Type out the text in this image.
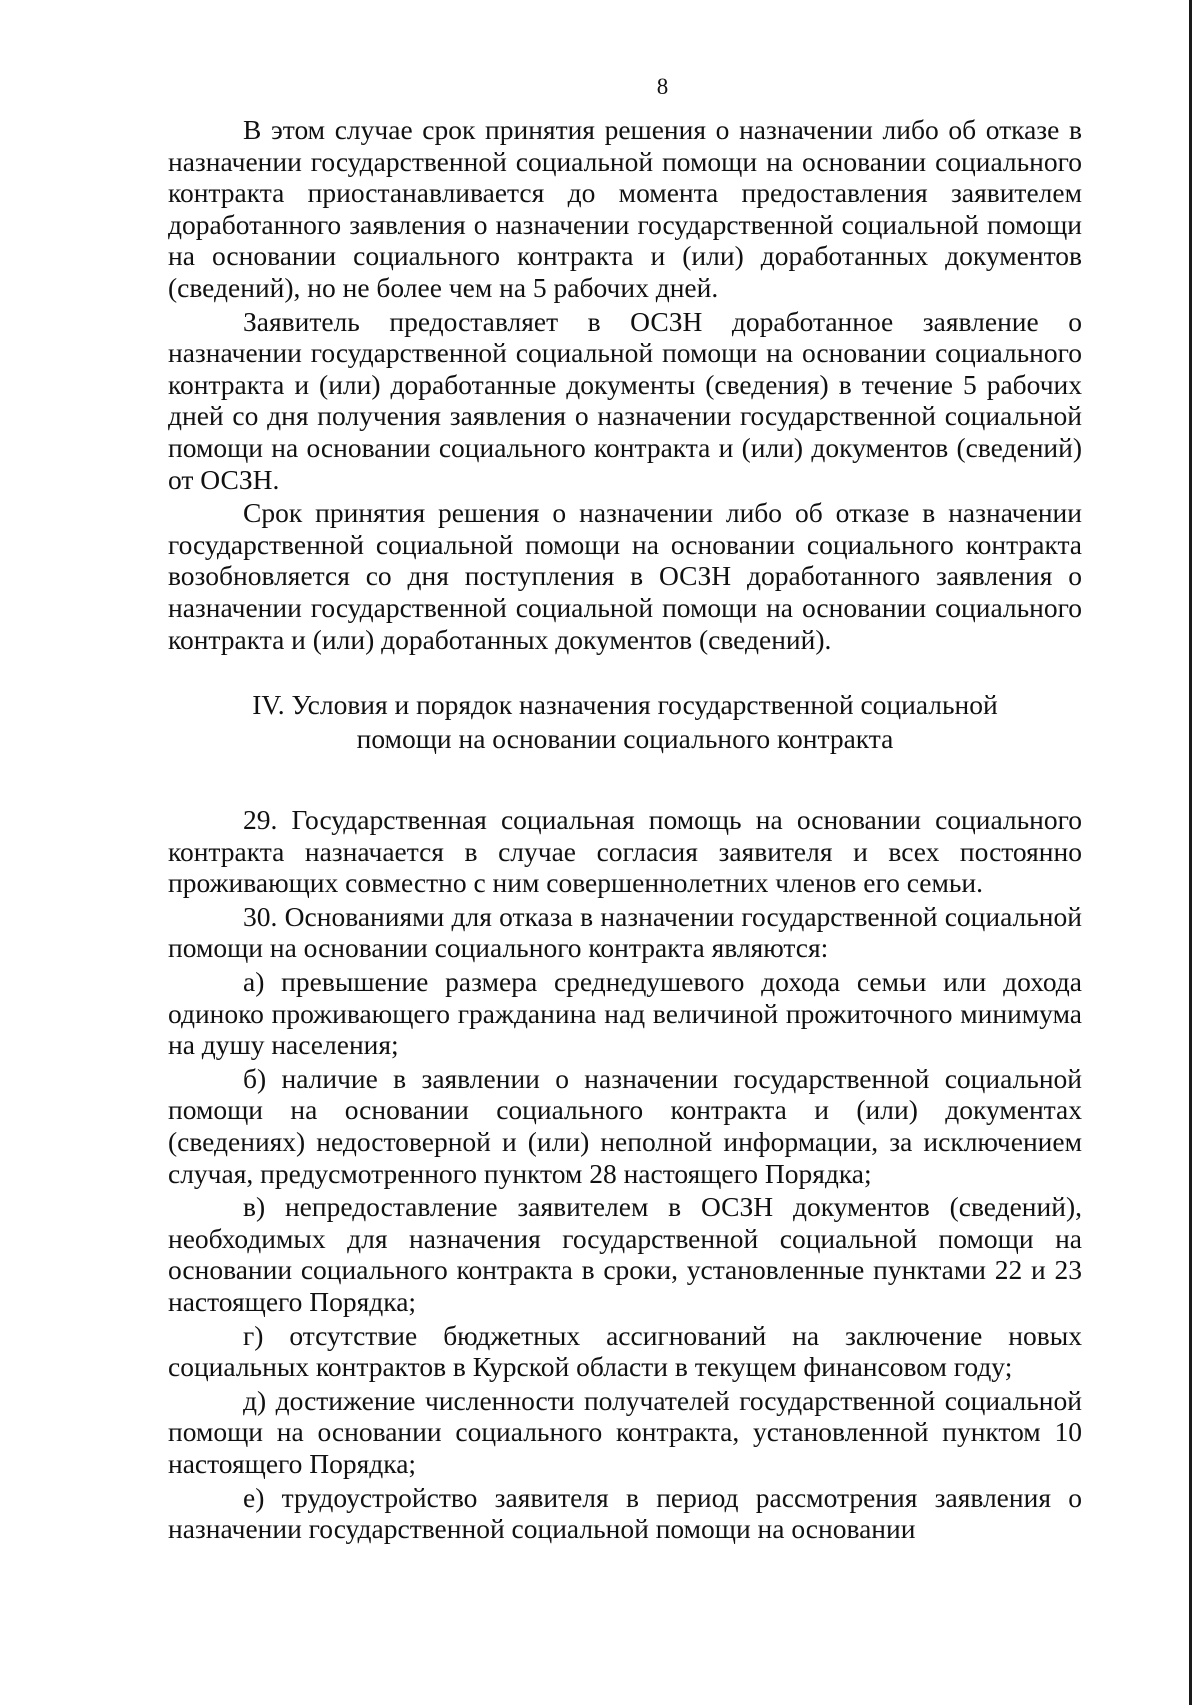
8

В этом случае срок принятия решения о назначении либо об отказе в назначении государственной социальной помощи на основании социального контракта приостанавливается до момента предоставления заявителем доработанного заявления о назначении государственной социальной помощи на основании социального контракта и (или) доработанных документов (сведений), но не более чем на 5 рабочих дней.

Заявитель предоставляет в ОСЗН доработанное заявление о назначении государственной социальной помощи на основании социального контракта и (или) доработанные документы (сведения) в течение 5 рабочих дней со дня получения заявления о назначении государственной социальной помощи на основании социального контракта и (или) документов (сведений) от ОСЗН.

Срок принятия решения о назначении либо об отказе в назначении государственной социальной помощи на основании социального контракта возобновляется со дня поступления в ОСЗН доработанного заявления о назначении государственной социальной помощи на основании социального контракта и (или) доработанных документов (сведений).

IV. Условия и порядок назначения государственной социальной
помощи на основании социального контракта

29. Государственная социальная помощь на основании социального контракта назначается в случае согласия заявителя и всех постоянно проживающих совместно с ним совершеннолетних членов его семьи.

30. Основаниями для отказа в назначении государственной социальной помощи на основании социального контракта являются:

а) превышение размера среднедушевого дохода семьи или дохода одиноко проживающего гражданина над величиной прожиточного минимума на душу населения;

б) наличие в заявлении о назначении государственной социальной помощи на основании социального контракта и (или) документах (сведениях) недостоверной и (или) неполной информации, за исключением случая, предусмотренного пунктом 28 настоящего Порядка;

в) непредоставление заявителем в ОСЗН документов (сведений), необходимых для назначения государственной социальной помощи на основании социального контракта в сроки, установленные пунктами 22 и 23 настоящего Порядка;

г) отсутствие бюджетных ассигнований на заключение новых социальных контрактов в Курской области в текущем финансовом году;

д) достижение численности получателей государственной социальной помощи на основании социального контракта, установленной пунктом 10 настоящего Порядка;

е) трудоустройство заявителя в период рассмотрения заявления о назначении государственной социальной помощи на основании
